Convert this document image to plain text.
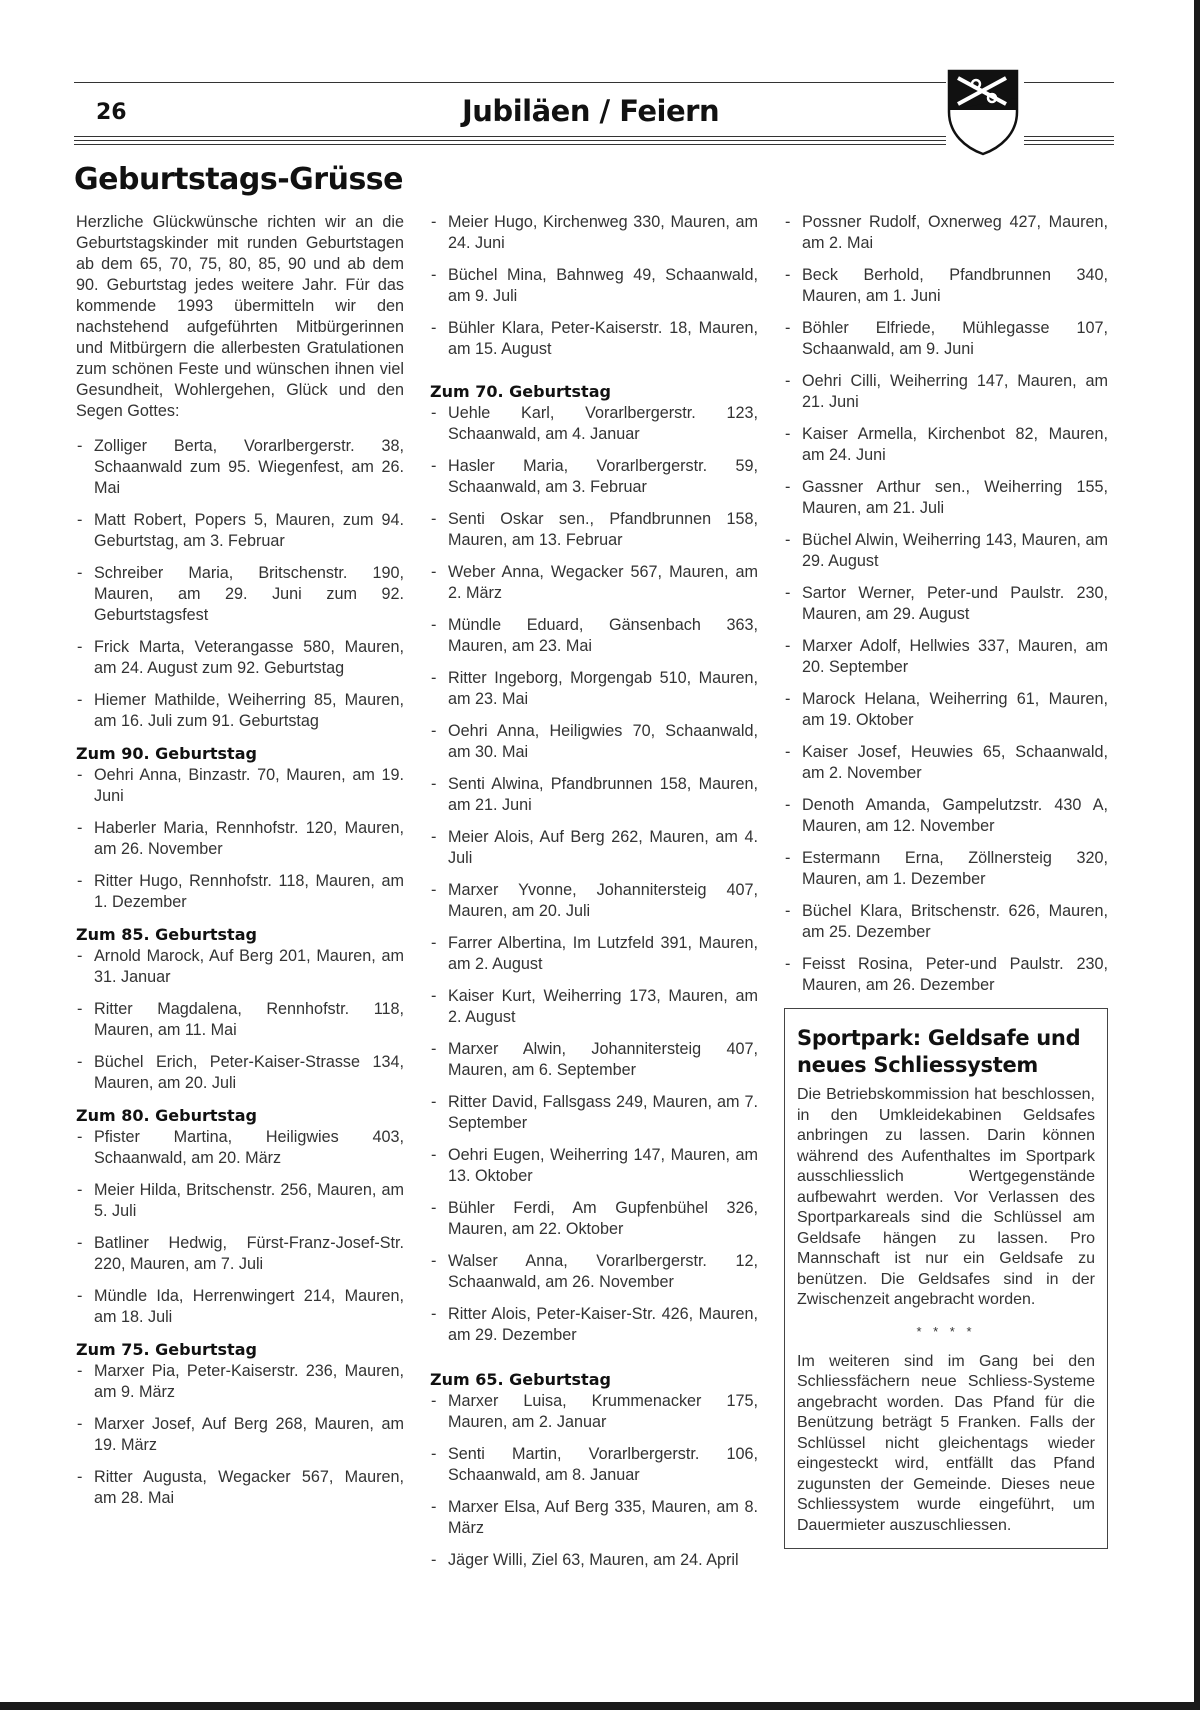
26	Jubiläen / Feiern
Geburtstags-Grüsse

Herzliche Glückwünsche richten wir an die Geburtstagskinder mit runden Geburtstagen ab dem 65, 70, 75, 80, 85, 90 und ab dem 90. Geburtstag jedes weitere Jahr. Für das kommende 1993 übermitteln wir den nachstehend aufgeführten Mitbürgerinnen und Mitbürgern die allerbesten Gratulationen zum schönen Feste und wünschen ihnen viel Gesundheit, Wohlergehen, Glück und den Segen Gottes:

- Zolliger Berta, Vorarlbergerstr. 38, Schaanwald zum 95. Wiegenfest, am 26. Mai
- Matt Robert, Popers 5, Mauren, zum 94. Geburtstag, am 3. Februar
- Schreiber Maria, Britschenstr. 190, Mauren, am 29. Juni zum 92. Geburtstagsfest
- Frick Marta, Veterangasse 580, Mauren, am 24. August zum 92. Geburtstag
- Hiemer Mathilde, Weiherring 85, Mauren, am 16. Juli zum 91. Geburtstag
Zum 90. Geburtstag
- Oehri Anna, Binzastr. 70, Mauren, am 19. Juni
- Haberler Maria, Rennhofstr. 120, Mauren, am 26. November
- Ritter Hugo, Rennhofstr. 118, Mauren, am 1. Dezember
Zum 85. Geburtstag
- Arnold Marock, Auf Berg 201, Mauren, am 31. Januar
- Ritter Magdalena, Rennhofstr. 118, Mauren, am 11. Mai
- Büchel Erich, Peter-Kaiser-Strasse 134, Mauren, am 20. Juli
Zum 80. Geburtstag
- Pfister Martina, Heiligwies 403, Schaanwald, am 20. März
- Meier Hilda, Britschenstr. 256, Mauren, am 5. Juli
- Batliner Hedwig, Fürst-Franz-Josef-Str. 220, Mauren, am 7. Juli
- Mündle Ida, Herrenwingert 214, Mauren, am 18. Juli
Zum 75. Geburtstag
- Marxer Pia, Peter-Kaiserstr. 236, Mauren, am 9. März
- Marxer Josef, Auf Berg 268, Mauren, am 19. März
- Ritter Augusta, Wegacker 567, Mauren, am 28. Mai
- Meier Hugo, Kirchenweg 330, Mauren, am 24. Juni
- Büchel Mina, Bahnweg 49, Schaanwald, am 9. Juli
- Bühler Klara, Peter-Kaiserstr. 18, Mauren, am 15. August
Zum 70. Geburtstag
- Uehle Karl, Vorarlbergerstr. 123, Schaanwald, am 4. Januar
- Hasler Maria, Vorarlbergerstr. 59, Schaanwald, am 3. Februar
- Senti Oskar sen., Pfandbrunnen 158, Mauren, am 13. Februar
- Weber Anna, Wegacker 567, Mauren, am 2. März
- Mündle Eduard, Gänsenbach 363, Mauren, am 23. Mai
- Ritter Ingeborg, Morgengab 510, Mauren, am 23. Mai
- Oehri Anna, Heiligwies 70, Schaanwald, am 30. Mai
- Senti Alwina, Pfandbrunnen 158, Mauren, am 21. Juni
- Meier Alois, Auf Berg 262, Mauren, am 4. Juli
- Marxer Yvonne, Johannitersteig 407, Mauren, am 20. Juli
- Farrer Albertina, Im Lutzfeld 391, Mauren, am 2. August
- Kaiser Kurt, Weiherring 173, Mauren, am 2. August
- Marxer Alwin, Johannitersteig 407, Mauren, am 6. September
- Ritter David, Fallsgass 249, Mauren, am 7. September
- Oehri Eugen, Weiherring 147, Mauren, am 13. Oktober
- Bühler Ferdi, Am Gupfenbühel 326, Mauren, am 22. Oktober
- Walser Anna, Vorarlbergerstr. 12, Schaanwald, am 26. November
- Ritter Alois, Peter-Kaiser-Str. 426, Mauren, am 29. Dezember
Zum 65. Geburtstag
- Marxer Luisa, Krummenacker 175, Mauren, am 2. Januar
- Senti Martin, Vorarlbergerstr. 106, Schaanwald, am 8. Januar
- Marxer Elsa, Auf Berg 335, Mauren, am 8. März
- Jäger Willi, Ziel 63, Mauren, am 24. April
- Possner Rudolf, Oxnerweg 427, Mauren, am 2. Mai
- Beck Berhold, Pfandbrunnen 340, Mauren, am 1. Juni
- Böhler Elfriede, Mühlegasse 107, Schaanwald, am 9. Juni
- Oehri Cilli, Weiherring 147, Mauren, am 21. Juni
- Kaiser Armella, Kirchenbot 82, Mauren, am 24. Juni
- Gassner Arthur sen., Weiherring 155, Mauren, am 21. Juli
- Büchel Alwin, Weiherring 143, Mauren, am 29. August
- Sartor Werner, Peter-und Paulstr. 230, Mauren, am 29. August
- Marxer Adolf, Hellwies 337, Mauren, am 20. September
- Marock Helana, Weiherring 61, Mauren, am 19. Oktober
- Kaiser Josef, Heuwies 65, Schaanwald, am 2. November
- Denoth Amanda, Gampelutzstr. 430 A, Mauren, am 12. November
- Estermann Erna, Zöllnersteig 320, Mauren, am 1. Dezember
- Büchel Klara, Britschenstr. 626, Mauren, am 25. Dezember
- Feisst Rosina, Peter-und Paulstr. 230, Mauren, am 26. Dezember
Sportpark: Geldsafe und neues Schliessystem

Die Betriebskommission hat beschlossen, in den Umkleidekabinen Geldsafes anbringen zu lassen. Darin können während des Aufenthaltes im Sportpark ausschliesslich Wertgegenstände aufbewahrt werden. Vor Verlassen des Sportparkareals sind die Schlüssel am Geldsafe hängen zu lassen. Pro Mannschaft ist nur ein Geldsafe zu benützen. Die Geldsafes sind in der Zwischenzeit angebracht worden.

* * * *

Im weiteren sind im Gang bei den Schliessfächern neue Schliess-Systeme angebracht worden. Das Pfand für die Benützung beträgt 5 Franken. Falls der Schlüssel nicht gleichentags wieder eingesteckt wird, entfällt das Pfand zugunsten der Gemeinde. Dieses neue Schliessystem wurde eingeführt, um Dauermieter auszuschliessen.
